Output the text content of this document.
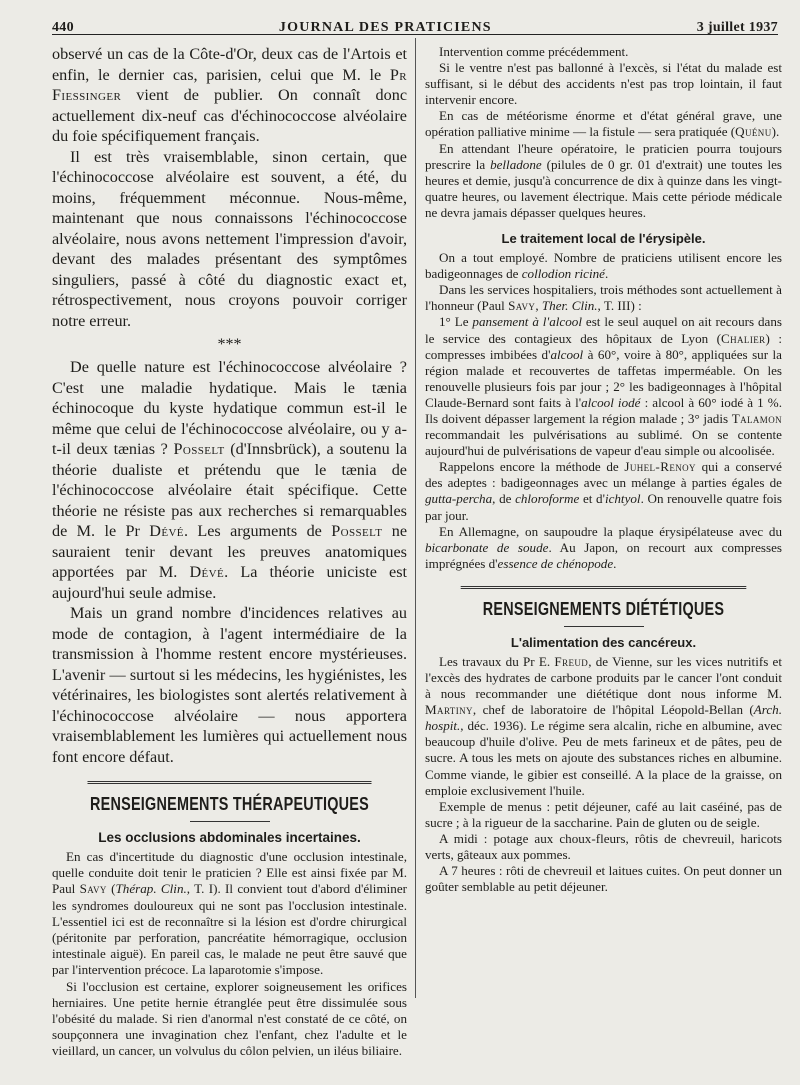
440	JOURNAL DES PRATICIENS	3 juillet 1937

observé un cas de la Côte-d'Or, deux cas de l'Artois et enfin, le dernier cas, parisien, celui que M. le Pr Fiessinger vient de publier. On connaît donc actuellement dix-neuf cas d'échinococcose alvéolaire du foie spécifiquement français.

Il est très vraisemblable, sinon certain, que l'échinococcose alvéolaire est souvent, a été, du moins, fréquemment méconnue. Nous-même, maintenant que nous connaissons l'échinococcose alvéolaire, nous avons nettement l'impression d'avoir, devant des malades présentant des symptômes singuliers, passé à côté du diagnostic exact et, rétrospectivement, nous croyons pouvoir corriger notre erreur.

***

De quelle nature est l'échinococcose alvéolaire ? C'est une maladie hydatique. Mais le tænia échinocoque du kyste hydatique commun est-il le même que celui de l'échinococcose alvéolaire, ou y a-t-il deux tænias ? Posselt (d'Innsbrück), a soutenu la théorie dualiste et prétendu que le tænia de l'échinococcose alvéolaire était spécifique. Cette théorie ne résiste pas aux recherches si remarquables de M. le Pr Dévé. Les arguments de Posselt ne sauraient tenir devant les preuves anatomiques apportées par M. Dévé. La théorie uniciste est aujourd'hui seule admise.

Mais un grand nombre d'incidences relatives au mode de contagion, à l'agent intermédiaire de la transmission à l'homme restent encore mystérieuses. L'avenir — surtout si les médecins, les hygiénistes, les vétérinaires, les biologistes sont alertés relativement à l'échinococcose alvéolaire — nous apportera vraisemblablement les lumières qui actuellement nous font encore défaut.

RENSEIGNEMENTS THÉRAPEUTIQUES
Les occlusions abdominales incertaines.

En cas d'incertitude du diagnostic d'une occlusion intestinale, quelle conduite doit tenir le praticien ? Elle est ainsi fixée par M. Paul Savy (Thérap. Clin., T. I). Il convient tout d'abord d'éliminer les syndromes douloureux qui ne sont pas l'occlusion intestinale. L'essentiel ici est de reconnaître si la lésion est d'ordre chirurgical (péritonite par perforation, pancréatite hémorragique, occlusion intestinale aiguë). En pareil cas, le malade ne peut être sauvé que par l'intervention précoce. La laparotomie s'impose.

Si l'occlusion est certaine, explorer soigneusement les orifices herniaires. Une petite hernie étranglée peut être dissimulée sous l'obésité du malade. Si rien d'anormal n'est constaté de ce côté, on soupçonnera une invagination chez l'enfant, chez l'adulte et le vieillard, un cancer, un volvulus du côlon pelvien, un iléus biliaire.

Intervention comme précédemment.

Si le ventre n'est pas ballonné à l'excès, si l'état du malade est suffisant, si le début des accidents n'est pas trop lointain, il faut intervenir encore.

En cas de météorisme énorme et d'état général grave, une opération palliative minime — la fistule — sera pratiquée (Quénu).

En attendant l'heure opératoire, le praticien pourra toujours prescrire la belladone (pilules de 0 gr. 01 d'extrait) une toutes les heures et demie, jusqu'à concurrence de dix à quinze dans les vingt-quatre heures, ou lavement électrique. Mais cette période médicale ne devra jamais dépasser quelques heures.

Le traitement local de l'érysipèle.

On a tout employé. Nombre de praticiens utilisent encore les badigeonnages de collodion riciné.

Dans les services hospitaliers, trois méthodes sont actuellement à l'honneur (Paul Savy, Ther. Clin., T. III) :

1° Le pansement à l'alcool est le seul auquel on ait recours dans le service des contagieux des hôpitaux de Lyon (Chalier) : compresses imbibées d'alcool à 60°, voire à 80°, appliquées sur la région malade et recouvertes de taffetas imperméable. On les renouvelle plusieurs fois par jour ; 2° les badigeonnages à l'hôpital Claude-Bernard sont faits à l'alcool iodé : alcool à 60° iodé à 1 %. Ils doivent dépasser largement la région malade ; 3° jadis Talamon recommandait les pulvérisations au sublimé. On se contente aujourd'hui de pulvérisations de vapeur d'eau simple ou alcoolisée.

Rappelons encore la méthode de Juhel-Renoy qui a conservé des adeptes : badigeonnages avec un mélange à parties égales de gutta-percha, de chloroforme et d'ichtyol. On renouvelle quatre fois par jour.

En Allemagne, on saupoudre la plaque érysipélateuse avec du bicarbonate de soude. Au Japon, on recourt aux compresses imprégnées d'essence de chénopode.

RENSEIGNEMENTS DIÉTÉTIQUES
L'alimentation des cancéreux.

Les travaux du Pr E. Freud, de Vienne, sur les vices nutritifs et l'excès des hydrates de carbone produits par le cancer l'ont conduit à nous recommander une diététique dont nous informe M. Martiny, chef de laboratoire de l'hôpital Léopold-Bellan (Arch. hospit., déc. 1936). Le régime sera alcalin, riche en albumine, avec beaucoup d'huile d'olive. Peu de mets farineux et de pâtes, peu de sucre. A tous les mets on ajoute des substances riches en albumine. Comme viande, le gibier est conseillé. A la place de la graisse, on emploie exclusivement l'huile.

Exemple de menus : petit déjeuner, café au lait caséiné, pas de sucre ; à la rigueur de la saccharine. Pain de gluten ou de seigle.

A midi : potage aux choux-fleurs, rôtis de chevreuil, haricots verts, gâteaux aux pommes.

A 7 heures : rôti de chevreuil et laitues cuites. On peut donner un goûter semblable au petit déjeuner.
